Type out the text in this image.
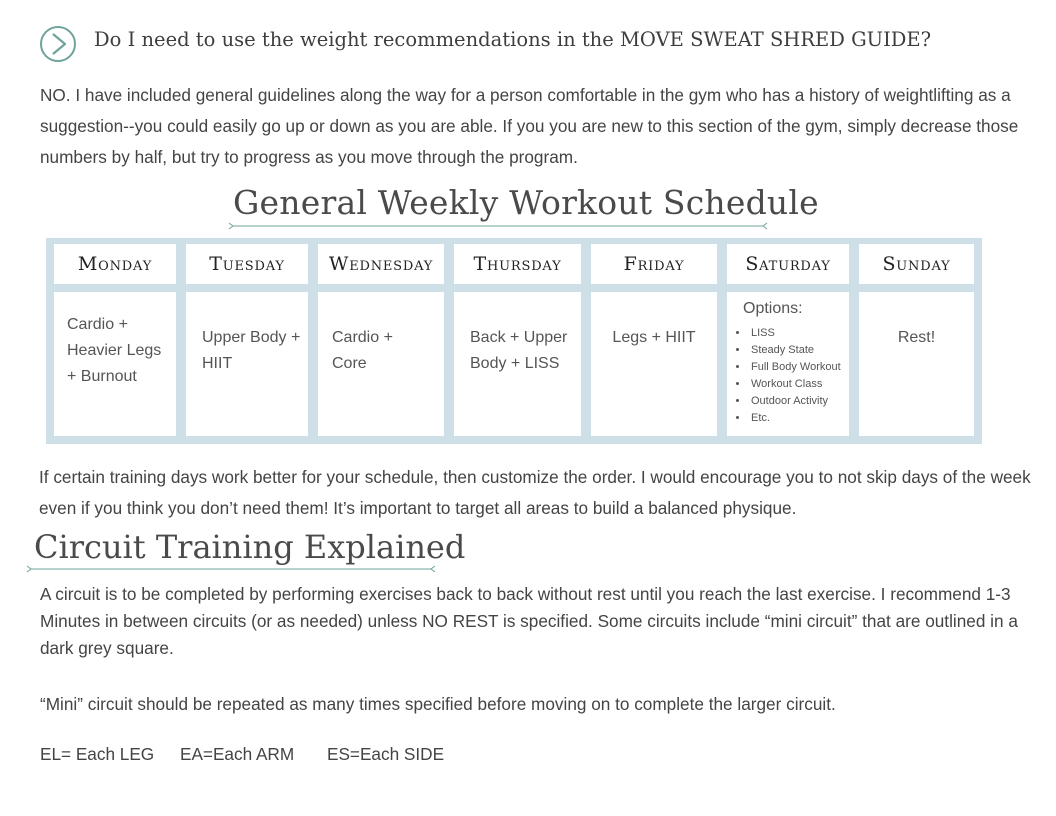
Do I need to use the weight recommendations in the MOVE SWEAT SHRED GUIDE?
NO. I have included general guidelines along the way for a person comfortable in the gym who has a history of weightlifting as a suggestion--you could easily go up or down as you are able. If you you are new to this section of the gym, simply decrease those numbers by half, but try to progress as you move through the program.
General Weekly Workout Schedule
Monday
Cardio + Heavier Legs + Burnout
Tuesday
Upper Body + HIIT
Wednesday
Cardio + Core
Thursday
Back + Upper Body + LISS
Friday
Legs + HIIT
Saturday
Options:
• LISS
• Steady State
• Full Body Workout
• Workout Class
• Outdoor Activity
• Etc.
Sunday
Rest!
If certain training days work better for your schedule, then customize the order. I would encourage you to not skip days of the week even if you think you don’t need them! It’s important to target all areas to build a balanced physique.
Circuit Training Explained
A circuit is to be completed by performing exercises back to back without rest until you reach the last exercise. I recommend 1-3 Minutes in between circuits (or as needed) unless NO REST is specified. Some circuits include “mini circuit” that are outlined in a dark grey square.
“Mini” circuit should be repeated as many times specified before moving on to complete the larger circuit.
EL= Each LEG EA=Each ARM ES=Each SIDE
